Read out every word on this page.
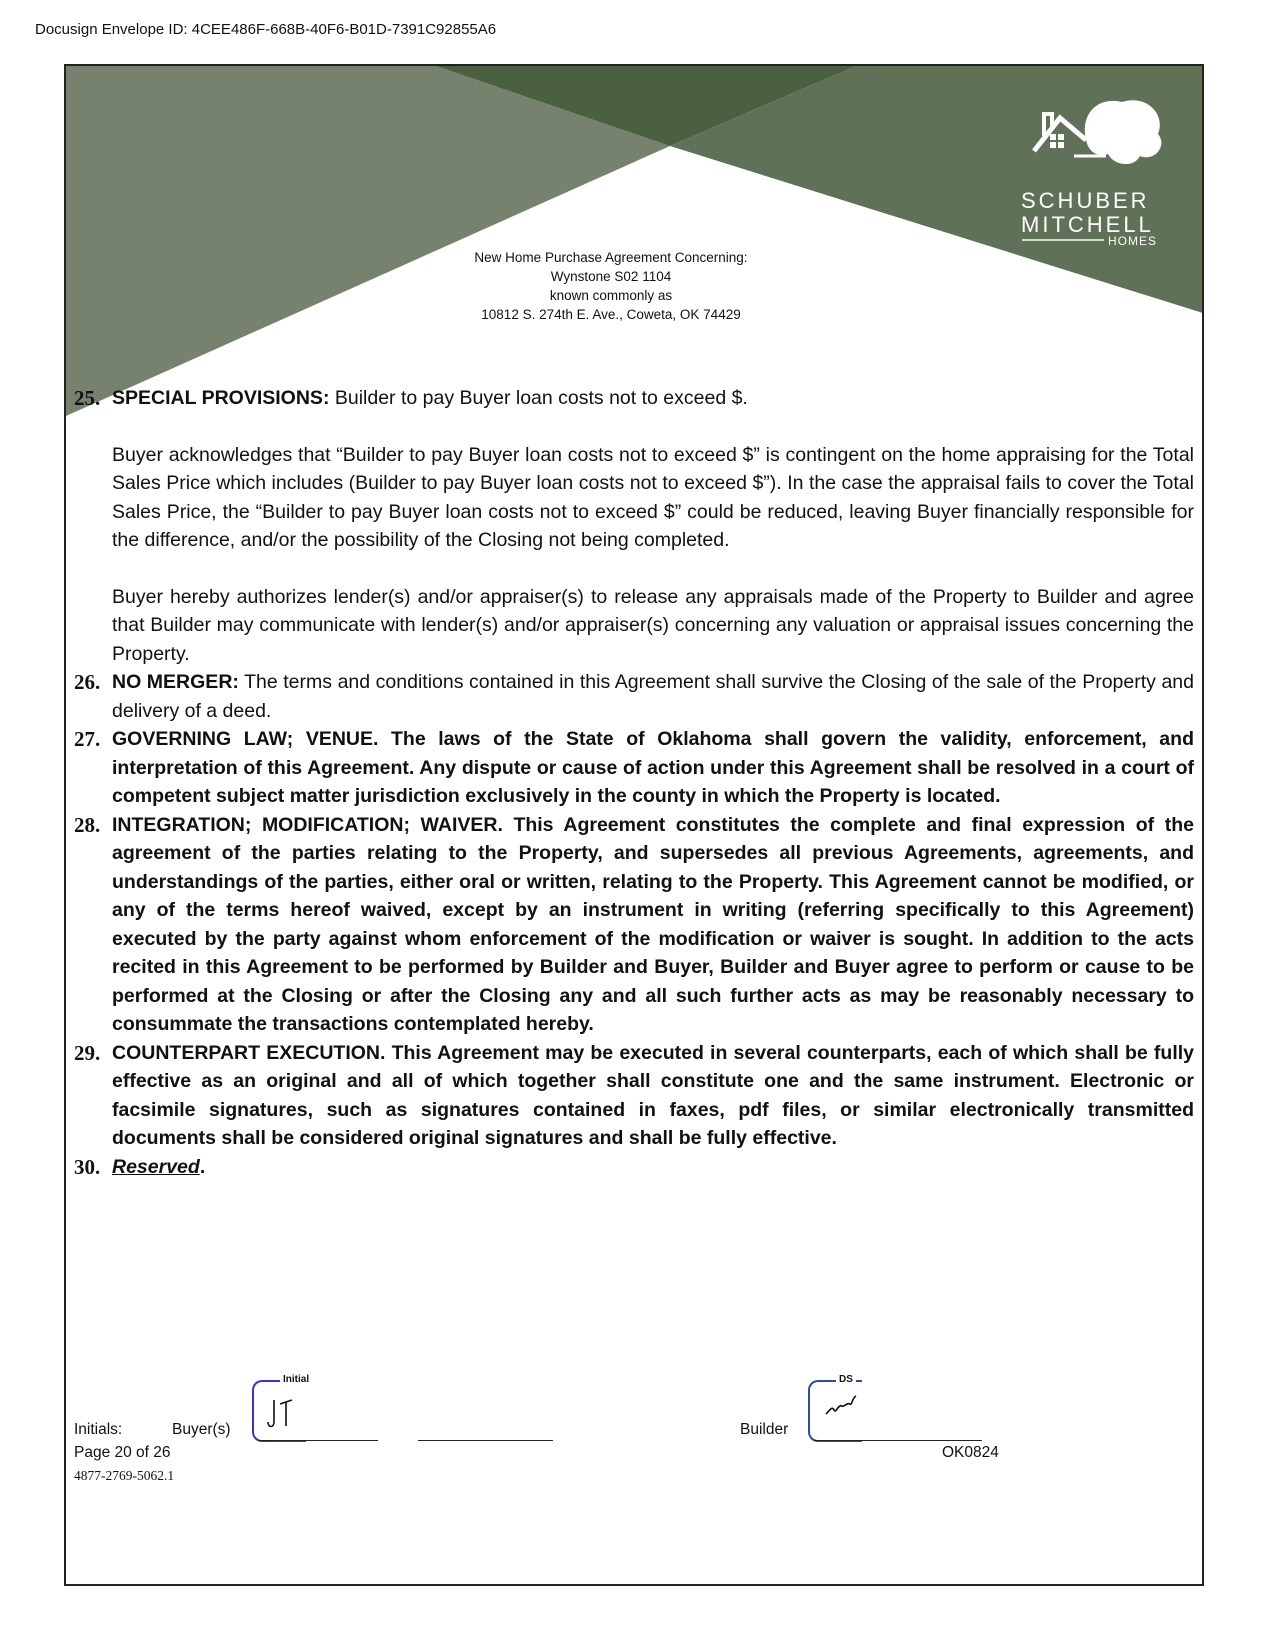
Docusign Envelope ID: 4CEE486F-668B-40F6-B01D-7391C92855A6
SCHUBER
MITCHELL
HOMES
New Home Purchase Agreement Concerning:
Wynstone S02 1104
known commonly as
10812 S. 274th E. Ave., Coweta, OK 74429
25. SPECIAL PROVISIONS: Builder to pay Buyer loan costs not to exceed $.
Buyer acknowledges that “Builder to pay Buyer loan costs not to exceed $” is contingent on the home appraising for the Total Sales Price which includes (Builder to pay Buyer loan costs not to exceed $”). In the case the appraisal fails to cover the Total Sales Price, the “Builder to pay Buyer loan costs not to exceed $” could be reduced, leaving Buyer financially responsible for the difference, and/or the possibility of the Closing not being completed.
Buyer hereby authorizes lender(s) and/or appraiser(s) to release any appraisals made of the Property to Builder and agree that Builder may communicate with lender(s) and/or appraiser(s) concerning any valuation or appraisal issues concerning the Property.
26. NO MERGER: The terms and conditions contained in this Agreement shall survive the Closing of the sale of the Property and delivery of a deed.
27. GOVERNING LAW; VENUE. The laws of the State of Oklahoma shall govern the validity, enforcement, and interpretation of this Agreement. Any dispute or cause of action under this Agreement shall be resolved in a court of competent subject matter jurisdiction exclusively in the county in which the Property is located.
28. INTEGRATION; MODIFICATION; WAIVER. This Agreement constitutes the complete and final expression of the agreement of the parties relating to the Property, and supersedes all previous Agreements, agreements, and understandings of the parties, either oral or written, relating to the Property. This Agreement cannot be modified, or any of the terms hereof waived, except by an instrument in writing (referring specifically to this Agreement) executed by the party against whom enforcement of the modification or waiver is sought. In addition to the acts recited in this Agreement to be performed by Builder and Buyer, Builder and Buyer agree to perform or cause to be performed at the Closing or after the Closing any and all such further acts as may be reasonably necessary to consummate the transactions contemplated hereby.
29. COUNTERPART EXECUTION. This Agreement may be executed in several counterparts, each of which shall be fully effective as an original and all of which together shall constitute one and the same instrument. Electronic or facsimile signatures, such as signatures contained in faxes, pdf files, or similar electronically transmitted documents shall be considered original signatures and shall be fully effective.
30. Reserved.
Initial	DS
Initials:	Buyer(s)	Builder
Page 20 of 26	OK0824
4877-2769-5062.1
